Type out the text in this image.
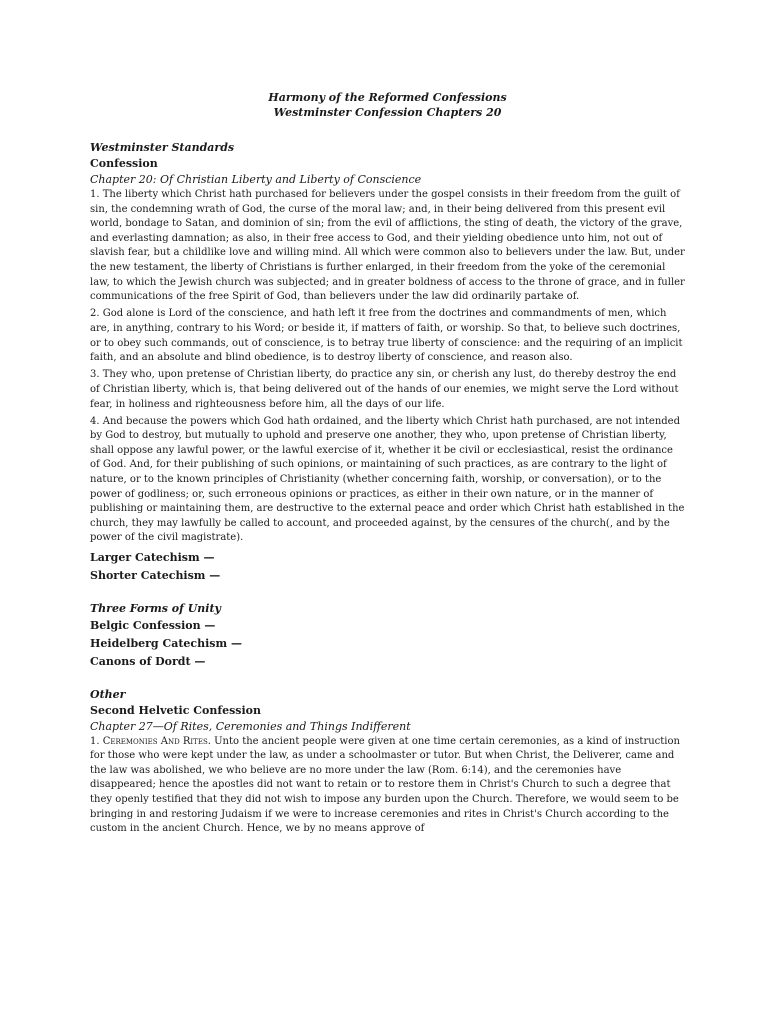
Harmony of the Reformed Confessions

Westminster Confession Chapters 20

Westminster Standards

Confession

Chapter 20: Of Christian Liberty and Liberty of Conscience

1. The liberty which Christ hath purchased for believers under the gospel consists in their freedom from the guilt of sin, the condemning wrath of God, the curse of the moral law; and, in their being delivered from this present evil world, bondage to Satan, and dominion of sin; from the evil of afflictions, the sting of death, the victory of the grave, and everlasting damnation; as also, in their free access to God, and their yielding obedience unto him, not out of slavish fear, but a childlike love and willing mind. All which were common also to believers under the law. But, under the new testament, the liberty of Christians is further enlarged, in their freedom from the yoke of the ceremonial law, to which the Jewish church was subjected; and in greater boldness of access to the throne of grace, and in fuller communications of the free Spirit of God, than believers under the law did ordinarily partake of.

2. God alone is Lord of the conscience, and hath left it free from the doctrines and commandments of men, which are, in anything, contrary to his Word; or beside it, if matters of faith, or worship. So that, to believe such doctrines, or to obey such commands, out of conscience, is to betray true liberty of conscience: and the requiring of an implicit faith, and an absolute and blind obedience, is to destroy liberty of conscience, and reason also.

3. They who, upon pretense of Christian liberty, do practice any sin, or cherish any lust, do thereby destroy the end of Christian liberty, which is, that being delivered out of the hands of our enemies, we might serve the Lord without fear, in holiness and righteousness before him, all the days of our life.

4. And because the powers which God hath ordained, and the liberty which Christ hath purchased, are not intended by God to destroy, but mutually to uphold and preserve one another, they who, upon pretense of Christian liberty, shall oppose any lawful power, or the lawful exercise of it, whether it be civil or ecclesiastical, resist the ordinance of God. And, for their publishing of such opinions, or maintaining of such practices, as are contrary to the light of nature, or to the known principles of Christianity (whether concerning faith, worship, or conversation), or to the power of godliness; or, such erroneous opinions or practices, as either in their own nature, or in the manner of publishing or maintaining them, are destructive to the external peace and order which Christ hath established in the church, they may lawfully be called to account, and proceeded against, by the censures of the church(, and by the power of the civil magistrate).

Larger Catechism —

Shorter Catechism —

Three Forms of Unity

Belgic Confession —

Heidelberg Catechism —

Canons of Dordt —

Other

Second Helvetic Confession

Chapter 27—Of Rites, Ceremonies and Things Indifferent

1. Ceremonies And Rites. Unto the ancient people were given at one time certain ceremonies, as a kind of instruction for those who were kept under the law, as under a schoolmaster or tutor. But when Christ, the Deliverer, came and the law was abolished, we who believe are no more under the law (Rom. 6:14), and the ceremonies have disappeared; hence the apostles did not want to retain or to restore them in Christ's Church to such a degree that they openly testified that they did not wish to impose any burden upon the Church. Therefore, we would seem to be bringing in and restoring Judaism if we were to increase ceremonies and rites in Christ's Church according to the custom in the ancient Church. Hence, we by no means approve of
